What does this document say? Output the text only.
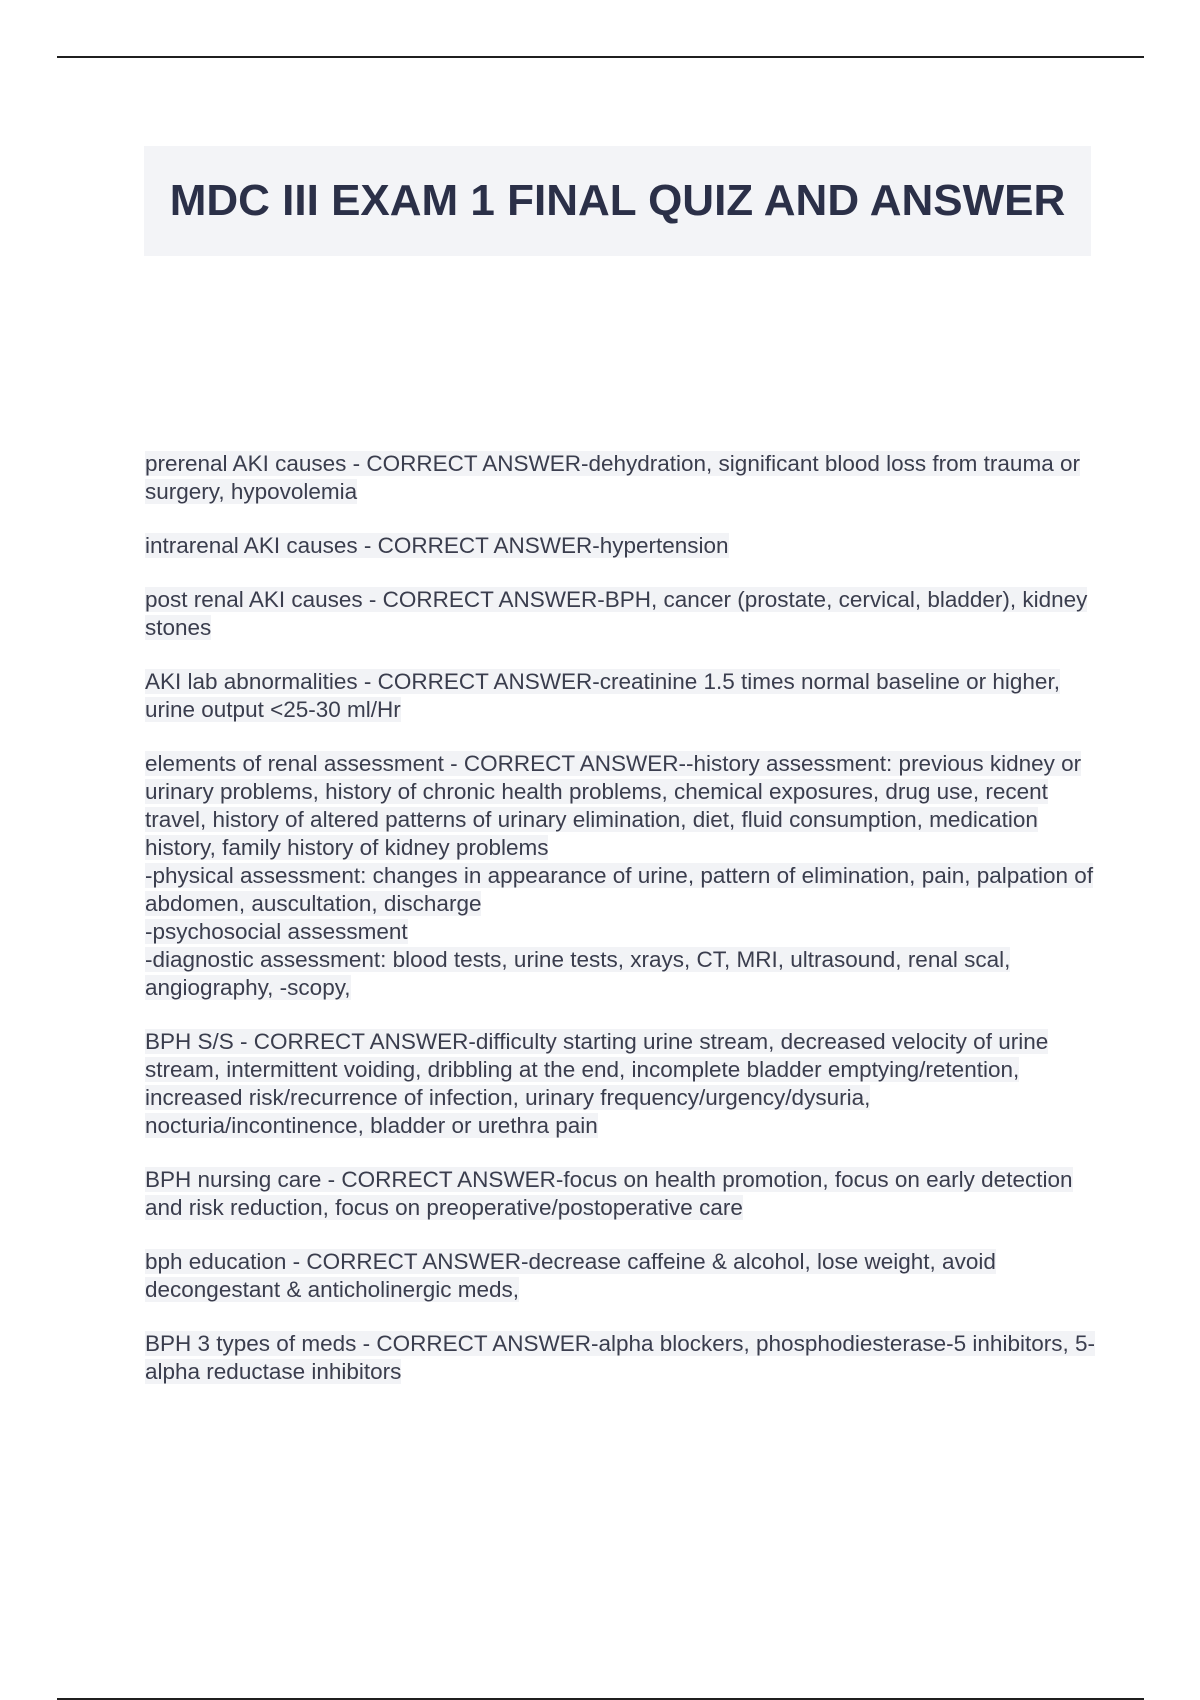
MDC III EXAM 1 FINAL QUIZ AND ANSWER

prerenal AKI causes - CORRECT ANSWER-dehydration, significant blood loss from trauma or surgery, hypovolemia

intrarenal AKI causes - CORRECT ANSWER-hypertension

post renal AKI causes - CORRECT ANSWER-BPH, cancer (prostate, cervical, bladder), kidney stones

AKI lab abnormalities - CORRECT ANSWER-creatinine 1.5 times normal baseline or higher, urine output <25-30 ml/Hr

elements of renal assessment - CORRECT ANSWER--history assessment: previous kidney or urinary problems, history of chronic health problems, chemical exposures, drug use, recent travel, history of altered patterns of urinary elimination, diet, fluid consumption, medication history, family history of kidney problems
-physical assessment: changes in appearance of urine, pattern of elimination, pain, palpation of abdomen, auscultation, discharge
-psychosocial assessment
-diagnostic assessment: blood tests, urine tests, xrays, CT, MRI, ultrasound, renal scal, angiography, -scopy,

BPH S/S - CORRECT ANSWER-difficulty starting urine stream, decreased velocity of urine stream, intermittent voiding, dribbling at the end, incomplete bladder emptying/retention, increased risk/recurrence of infection, urinary frequency/urgency/dysuria, nocturia/incontinence, bladder or urethra pain

BPH nursing care - CORRECT ANSWER-focus on health promotion, focus on early detection and risk reduction, focus on preoperative/postoperative care

bph education - CORRECT ANSWER-decrease caffeine & alcohol, lose weight, avoid decongestant & anticholinergic meds,

BPH 3 types of meds - CORRECT ANSWER-alpha blockers, phosphodiesterase-5 inhibitors, 5-alpha reductase inhibitors
